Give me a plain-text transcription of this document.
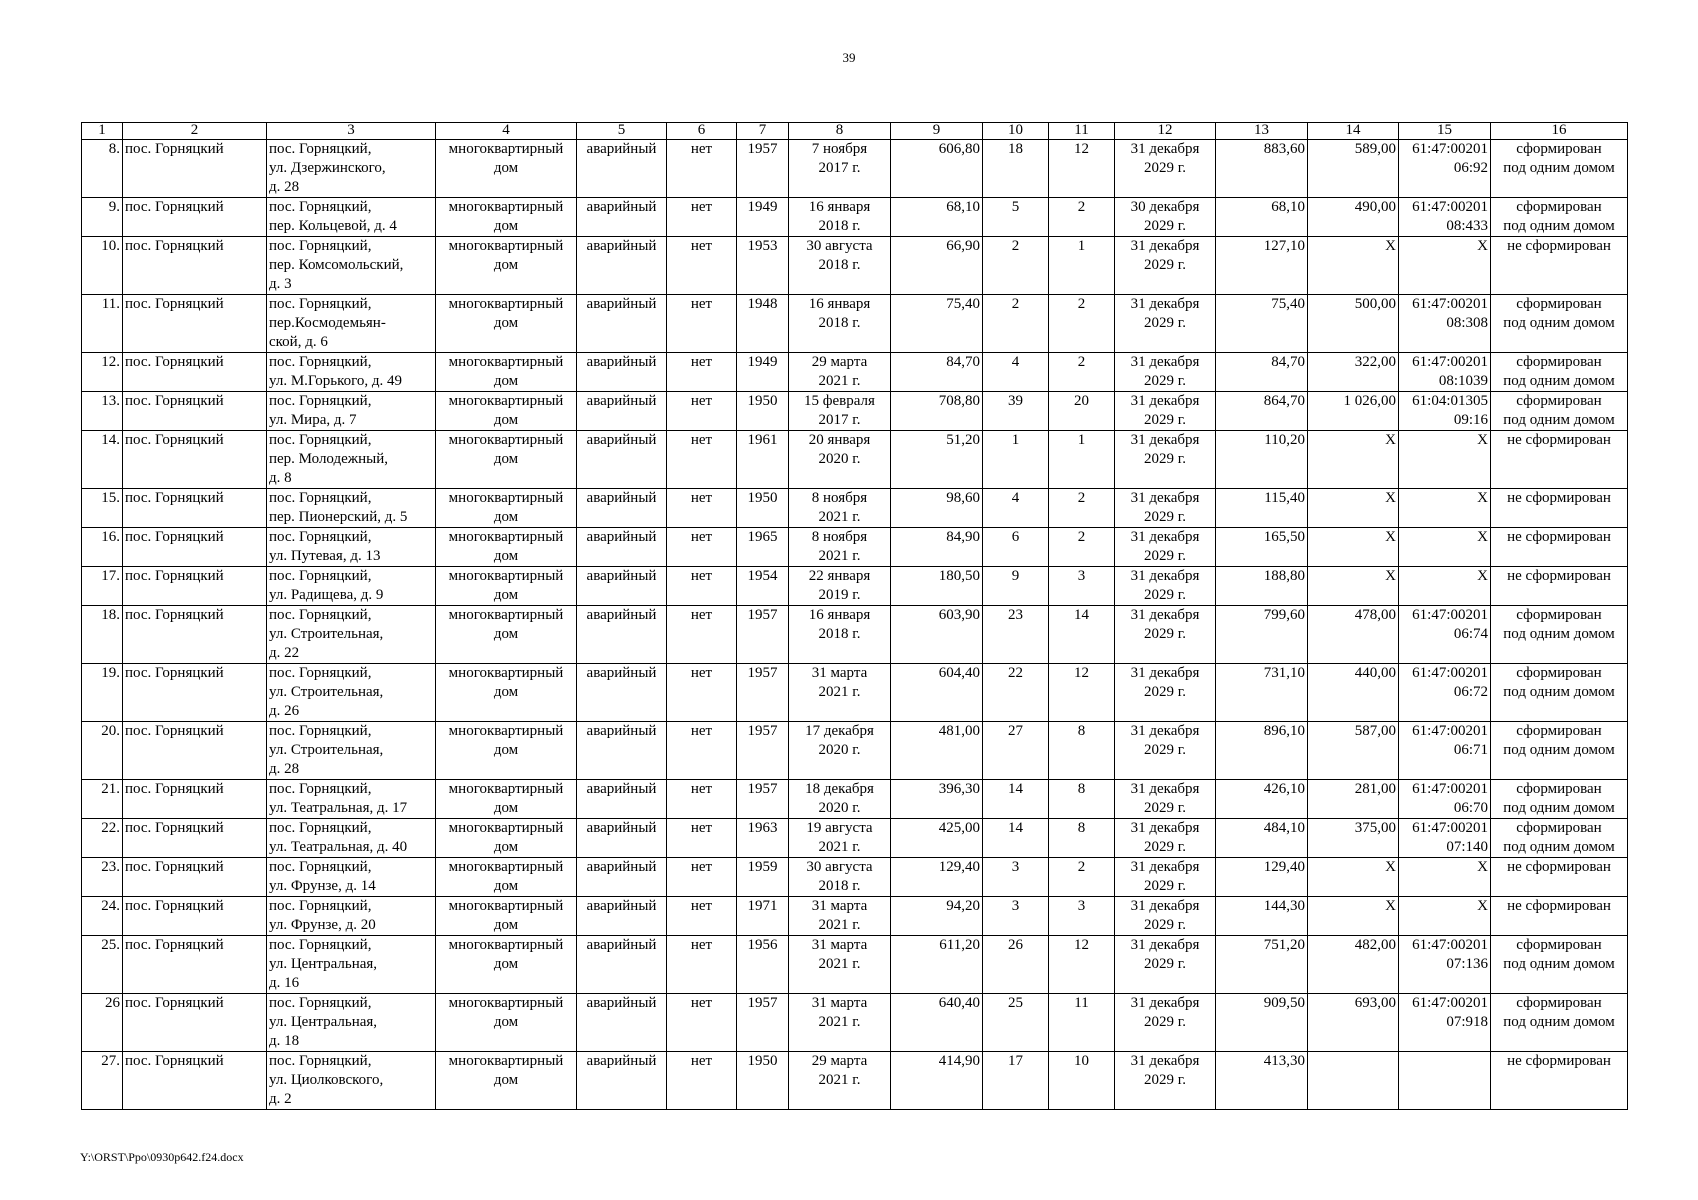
39
1	2	3	4	5	6	7	8	9	10	11	12	13	14	15	16
8.	пос. Горняцкий	пос. Горняцкий,
ул. Дзержинского,
д. 28	многоквартирный
дом	аварийный	нет	1957	7 ноября
2017 г.	606,80	18	12	31 декабря
2029 г.	883,60	589,00	61:47:00201
06:92	сформирован
под одним домом
9.	пос. Горняцкий	пос. Горняцкий,
пер. Кольцевой, д. 4	многоквартирный
дом	аварийный	нет	1949	16 января
2018 г.	68,10	5	2	30 декабря
2029 г.	68,10	490,00	61:47:00201
08:433	сформирован
под одним домом
10.	пос. Горняцкий	пос. Горняцкий,
пер. Комсомольский,
д. 3	многоквартирный
дом	аварийный	нет	1953	30 августа
2018 г.	66,90	2	1	31 декабря
2029 г.	127,10	Х	Х	не сформирован
11.	пос. Горняцкий	пос. Горняцкий,
пер.Космодемьян-
ской, д. 6	многоквартирный
дом	аварийный	нет	1948	16 января
2018 г.	75,40	2	2	31 декабря
2029 г.	75,40	500,00	61:47:00201
08:308	сформирован
под одним домом
12.	пос. Горняцкий	пос. Горняцкий,
ул. М.Горького, д. 49	многоквартирный
дом	аварийный	нет	1949	29 марта
2021 г.	84,70	4	2	31 декабря
2029 г.	84,70	322,00	61:47:00201
08:1039	сформирован
под одним домом
13.	пос. Горняцкий	пос. Горняцкий,
ул. Мира, д. 7	многоквартирный
дом	аварийный	нет	1950	15 февраля
2017 г.	708,80	39	20	31 декабря
2029 г.	864,70	1 026,00	61:04:01305
09:16	сформирован
под одним домом
14.	пос. Горняцкий	пос. Горняцкий,
пер. Молодежный,
д. 8	многоквартирный
дом	аварийный	нет	1961	20 января
2020 г.	51,20	1	1	31 декабря
2029 г.	110,20	Х	Х	не сформирован
15.	пос. Горняцкий	пос. Горняцкий,
пер. Пионерский, д. 5	многоквартирный
дом	аварийный	нет	1950	8 ноября
2021 г.	98,60	4	2	31 декабря
2029 г.	115,40	Х	Х	не сформирован
16.	пос. Горняцкий	пос. Горняцкий,
ул. Путевая, д. 13	многоквартирный
дом	аварийный	нет	1965	8 ноября
2021 г.	84,90	6	2	31 декабря
2029 г.	165,50	Х	Х	не сформирован
17.	пос. Горняцкий	пос. Горняцкий,
ул. Радищева, д. 9	многоквартирный
дом	аварийный	нет	1954	22 января
2019 г.	180,50	9	3	31 декабря
2029 г.	188,80	Х	Х	не сформирован
18.	пос. Горняцкий	пос. Горняцкий,
ул. Строительная,
д. 22	многоквартирный
дом	аварийный	нет	1957	16 января
2018 г.	603,90	23	14	31 декабря
2029 г.	799,60	478,00	61:47:00201
06:74	сформирован
под одним домом
19.	пос. Горняцкий	пос. Горняцкий,
ул. Строительная,
д. 26	многоквартирный
дом	аварийный	нет	1957	31 марта
2021 г.	604,40	22	12	31 декабря
2029 г.	731,10	440,00	61:47:00201
06:72	сформирован
под одним домом
20.	пос. Горняцкий	пос. Горняцкий,
ул. Строительная,
д. 28	многоквартирный
дом	аварийный	нет	1957	17 декабря
2020 г.	481,00	27	8	31 декабря
2029 г.	896,10	587,00	61:47:00201
06:71	сформирован
под одним домом
21.	пос. Горняцкий	пос. Горняцкий,
ул. Театральная, д. 17	многоквартирный
дом	аварийный	нет	1957	18 декабря
2020 г.	396,30	14	8	31 декабря
2029 г.	426,10	281,00	61:47:00201
06:70	сформирован
под одним домом
22.	пос. Горняцкий	пос. Горняцкий,
ул. Театральная, д. 40	многоквартирный
дом	аварийный	нет	1963	19 августа
2021 г.	425,00	14	8	31 декабря
2029 г.	484,10	375,00	61:47:00201
07:140	сформирован
под одним домом
23.	пос. Горняцкий	пос. Горняцкий,
ул. Фрунзе, д. 14	многоквартирный
дом	аварийный	нет	1959	30 августа
2018 г.	129,40	3	2	31 декабря
2029 г.	129,40	Х	Х	не сформирован
24.	пос. Горняцкий	пос. Горняцкий,
ул. Фрунзе, д. 20	многоквартирный
дом	аварийный	нет	1971	31 марта
2021 г.	94,20	3	3	31 декабря
2029 г.	144,30	Х	Х	не сформирован
25.	пос. Горняцкий	пос. Горняцкий,
ул. Центральная,
д. 16	многоквартирный
дом	аварийный	нет	1956	31 марта
2021 г.	611,20	26	12	31 декабря
2029 г.	751,20	482,00	61:47:00201
07:136	сформирован
под одним домом
26	пос. Горняцкий	пос. Горняцкий,
ул. Центральная,
д. 18	многоквартирный
дом	аварийный	нет	1957	31 марта
2021 г.	640,40	25	11	31 декабря
2029 г.	909,50	693,00	61:47:00201
07:918	сформирован
под одним домом
27.	пос. Горняцкий	пос. Горняцкий,
ул. Циолковского,
д. 2	многоквартирный
дом	аварийный	нет	1950	29 марта
2021 г.	414,90	17	10	31 декабря
2029 г.	413,30			не сформирован
Y:\ORST\Ppo\0930p642.f24.docx
